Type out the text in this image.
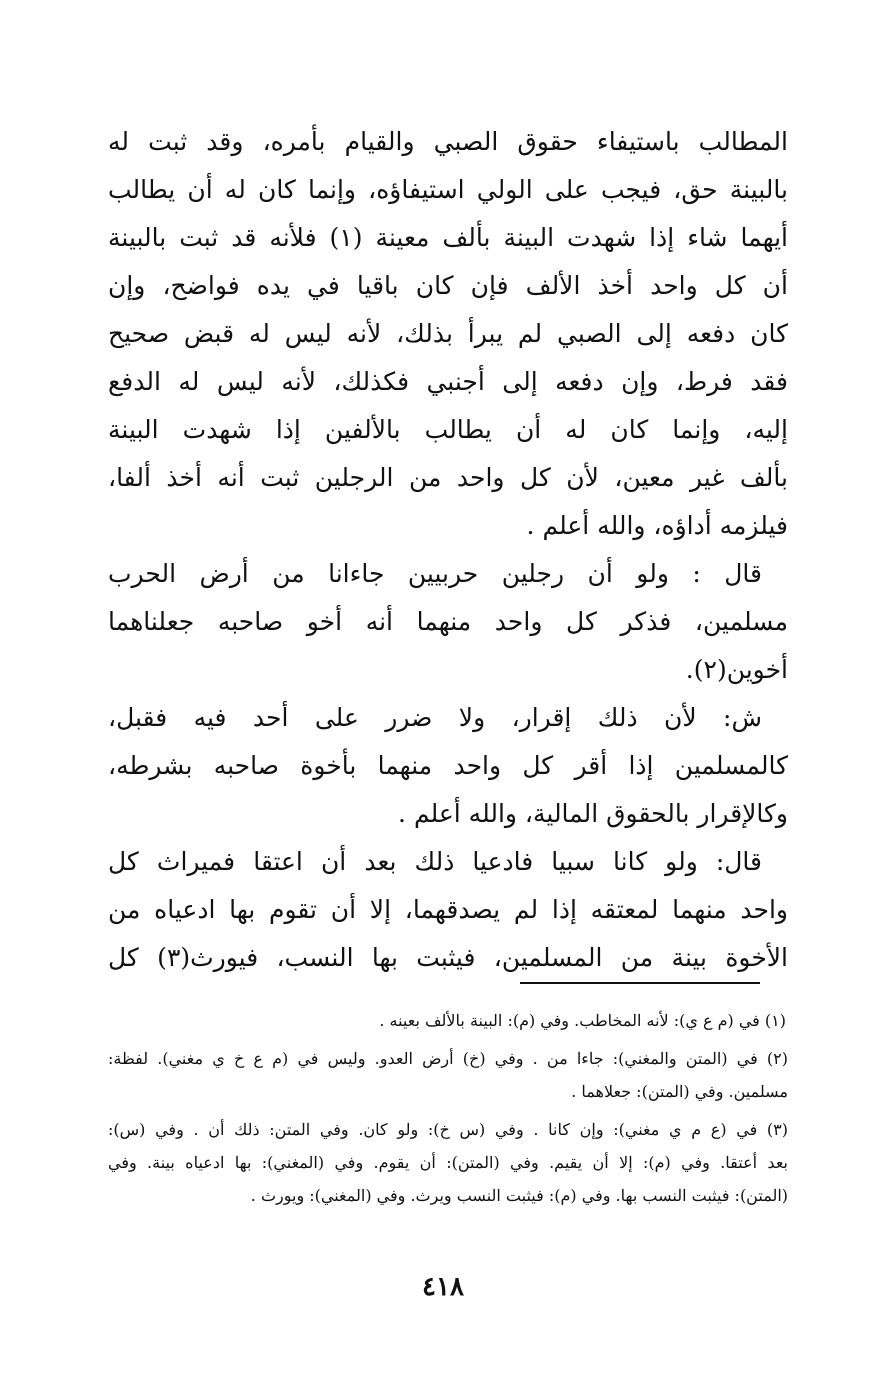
المطالب باستيفاء حقوق الصبي والقيام بأمره، وقد ثبت له
بالبينة حق، فيجب على الولي استيفاؤه، وإنما كان له أن يطالب
أيهما شاء إذا شهدت البينة بألف معينة (١) فلأنه قد ثبت بالبينة
أن كل واحد أخذ الألف فإن كان باقيا في يده فواضح، وإن
كان دفعه إلى الصبي لم يبرأ بذلك، لأنه ليس له قبض صحيح
فقد فرط، وإن دفعه إلى أجنبي فكذلك، لأنه ليس له الدفع
إليه، وإنما كان له أن يطالب بالألفين إذا شهدت البينة
بألف غير معين، لأن كل واحد من الرجلين ثبت أنه أخذ ألفا،
فيلزمه أداؤه، والله أعلم .
قال : ولو أن رجلين حربيين جاءانا من أرض الحرب
مسلمين، فذكر كل واحد منهما أنه أخو صاحبه جعلناهما
أخوين(٢).
ش: لأن ذلك إقرار، ولا ضرر على أحد فيه فقبل،
كالمسلمين إذا أقر كل واحد منهما بأخوة صاحبه بشرطه،
وكالإقرار بالحقوق المالية، والله أعلم .
قال: ولو كانا سبيا فادعيا ذلك بعد أن اعتقا فميراث كل
واحد منهما لمعتقه إذا لم يصدقهما، إلا أن تقوم بها ادعياه من
الأخوة بينة من المسلمين، فيثبت بها النسب، فيورث(٣) كل
(١) في (م ع ي): لأنه المخاطب. وفي (م): البينة بالألف بعينه .
(٢) في (المتن والمغني): جاءا من . وفي (خ) أرض العدو. وليس في (م ع خ ي مغني). لفظة:
مسلمين. وفي (المتن): جعلاهما .
(٣) في (ع م ي مغني): وإن كانا . وفي (س خ): ولو كان. وفي المتن: ذلك أن . وفي (س):
بعد أعتقا. وفي (م): إلا أن يقيم. وفي (المتن): أن يقوم. وفي (المغني): بها ادعياه بينة. وفي
(المتن): فيثبت النسب بها. وفي (م): فيثبت النسب ويرث. وفي (المغني): ويورث .
٤١٨
